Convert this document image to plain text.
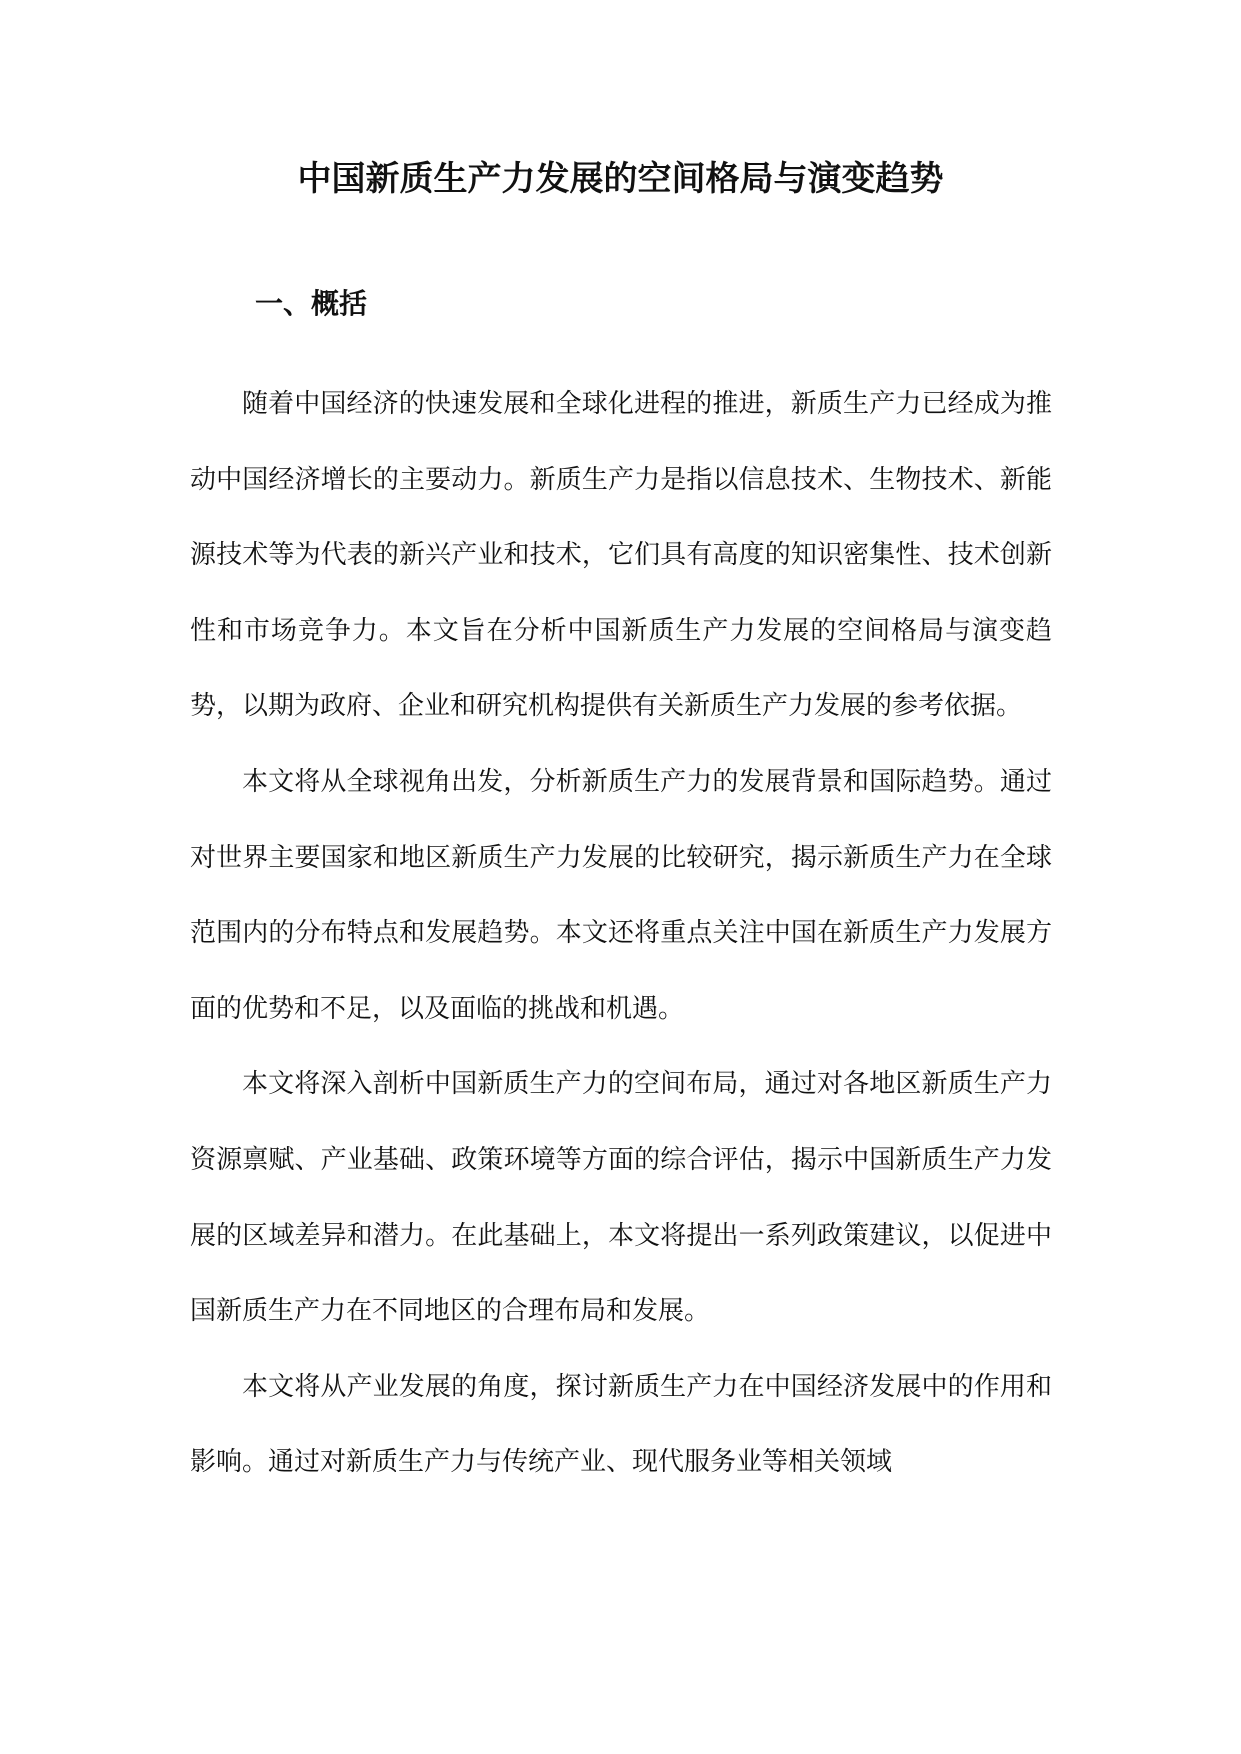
中国新质生产力发展的空间格局与演变趋势
一、概括

随着中国经济的快速发展和全球化进程的推进，新质生产力已经成为推动中国经济增长的主要动力。新质生产力是指以信息技术、生物技术、新能源技术等为代表的新兴产业和技术，它们具有高度的知识密集性、技术创新性和市场竞争力。本文旨在分析中国新质生产力发展的空间格局与演变趋势，以期为政府、企业和研究机构提供有关新质生产力发展的参考依据。

本文将从全球视角出发，分析新质生产力的发展背景和国际趋势。通过对世界主要国家和地区新质生产力发展的比较研究，揭示新质生产力在全球范围内的分布特点和发展趋势。本文还将重点关注中国在新质生产力发展方面的优势和不足，以及面临的挑战和机遇。

本文将深入剖析中国新质生产力的空间布局，通过对各地区新质生产力资源禀赋、产业基础、政策环境等方面的综合评估，揭示中国新质生产力发展的区域差异和潜力。在此基础上，本文将提出一系列政策建议，以促进中国新质生产力在不同地区的合理布局和发展。

本文将从产业发展的角度，探讨新质生产力在中国经济发展中的作用和影响。通过对新质生产力与传统产业、现代服务业等相关领域
